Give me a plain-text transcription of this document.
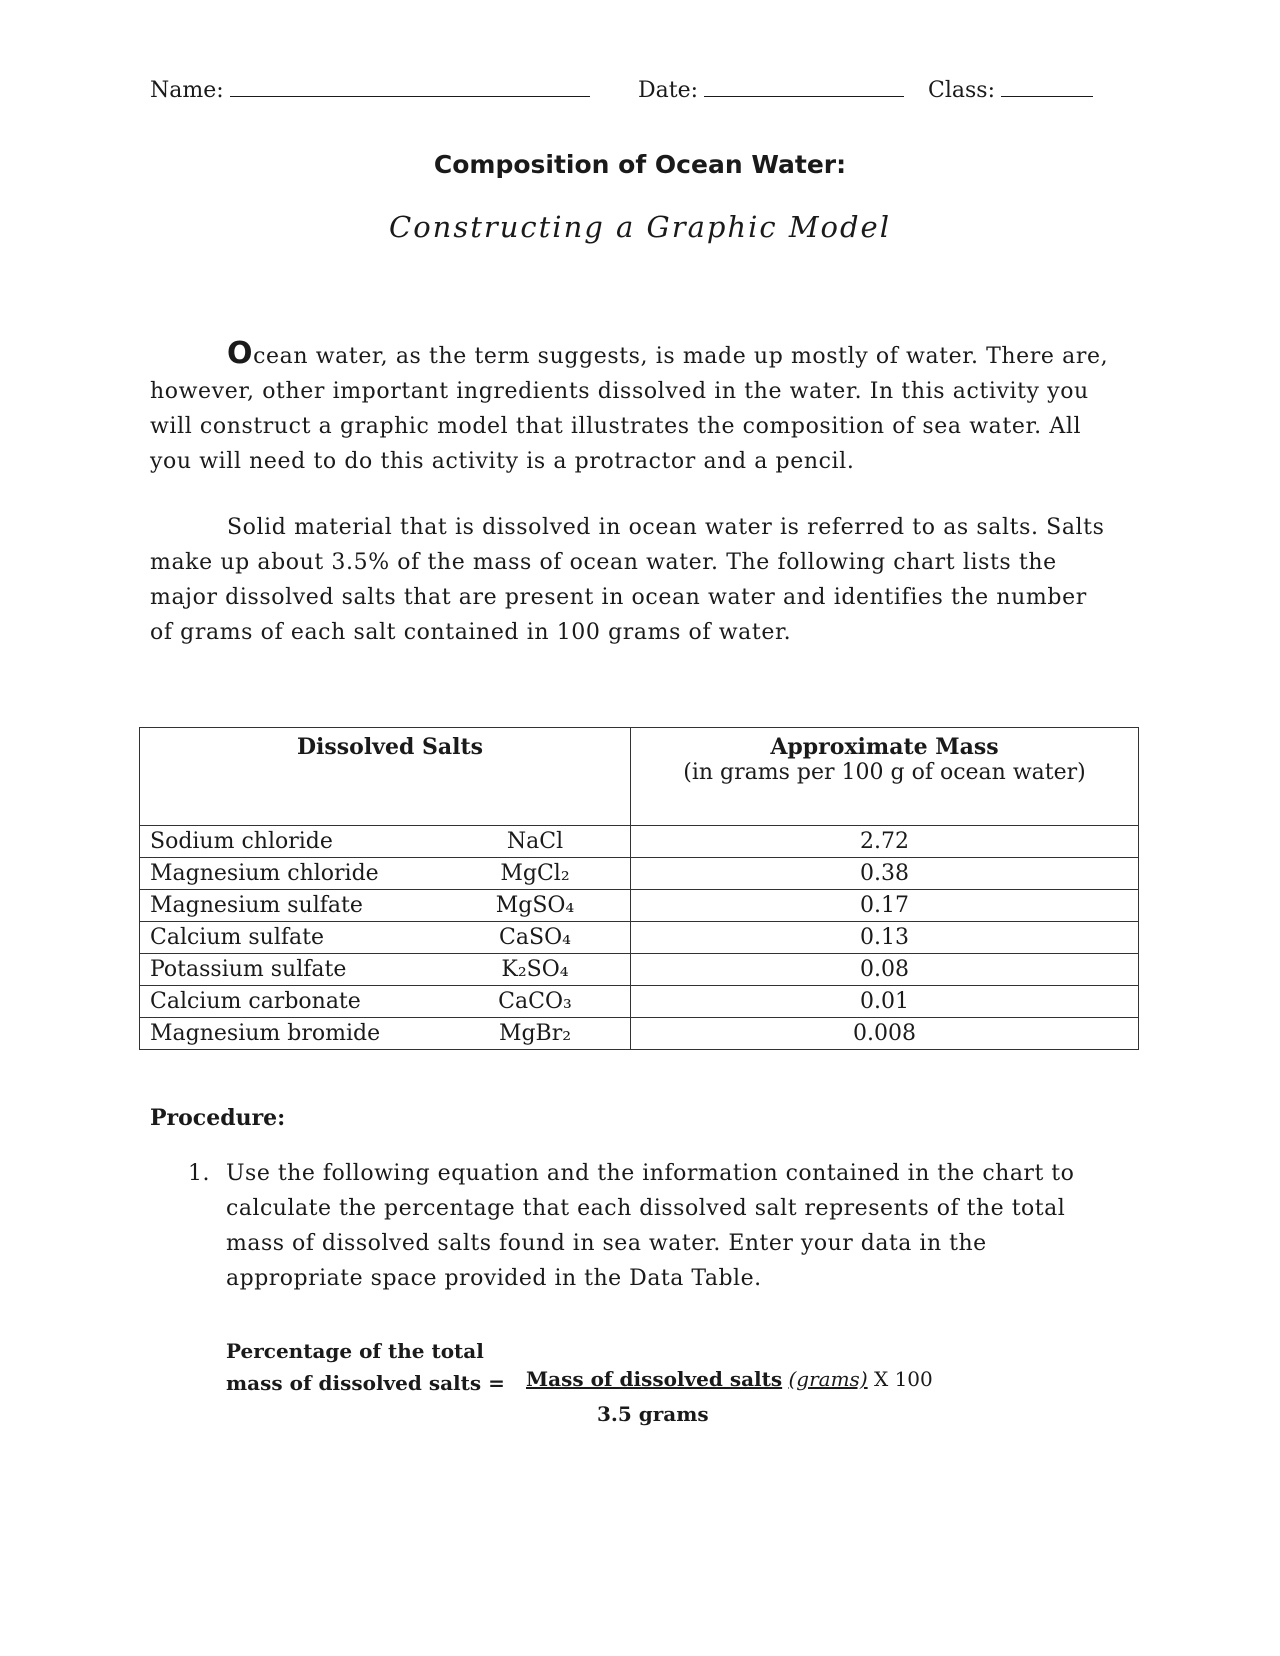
Name:	Date:	Class:
Composition of Ocean Water:
Constructing a Graphic Model
Ocean water, as the term suggests, is made up mostly of water. There are, however, other important ingredients dissolved in the water. In this activity you will construct a graphic model that illustrates the composition of sea water. All you will need to do this activity is a protractor and a pencil.
Solid material that is dissolved in ocean water is referred to as salts. Salts make up about 3.5% of the mass of ocean water. The following chart lists the major dissolved salts that are present in ocean water and identifies the number of grams of each salt contained in 100 grams of water.
Dissolved Salts	Approximate Mass
(in grams per 100 g of ocean water)

Sodium chloride NaCl	2.72

Magnesium chloride MgCl₂	0.38

Magnesium sulfate MgSO₄	0.17

Calcium sulfate CaSO₄	0.13

Potassium sulfate K₂SO₄	0.08

Calcium carbonate CaCO₃	0.01

Magnesium bromide MgBr₂	0.008
Procedure:
1. Use the following equation and the information contained in the chart to calculate the percentage that each dissolved salt represents of the total mass of dissolved salts found in sea water. Enter your data in the appropriate space provided in the Data Table.
Percentage of the total
mass of dissolved salts = Mass of dissolved salts (grams) X 100
3.5 grams
